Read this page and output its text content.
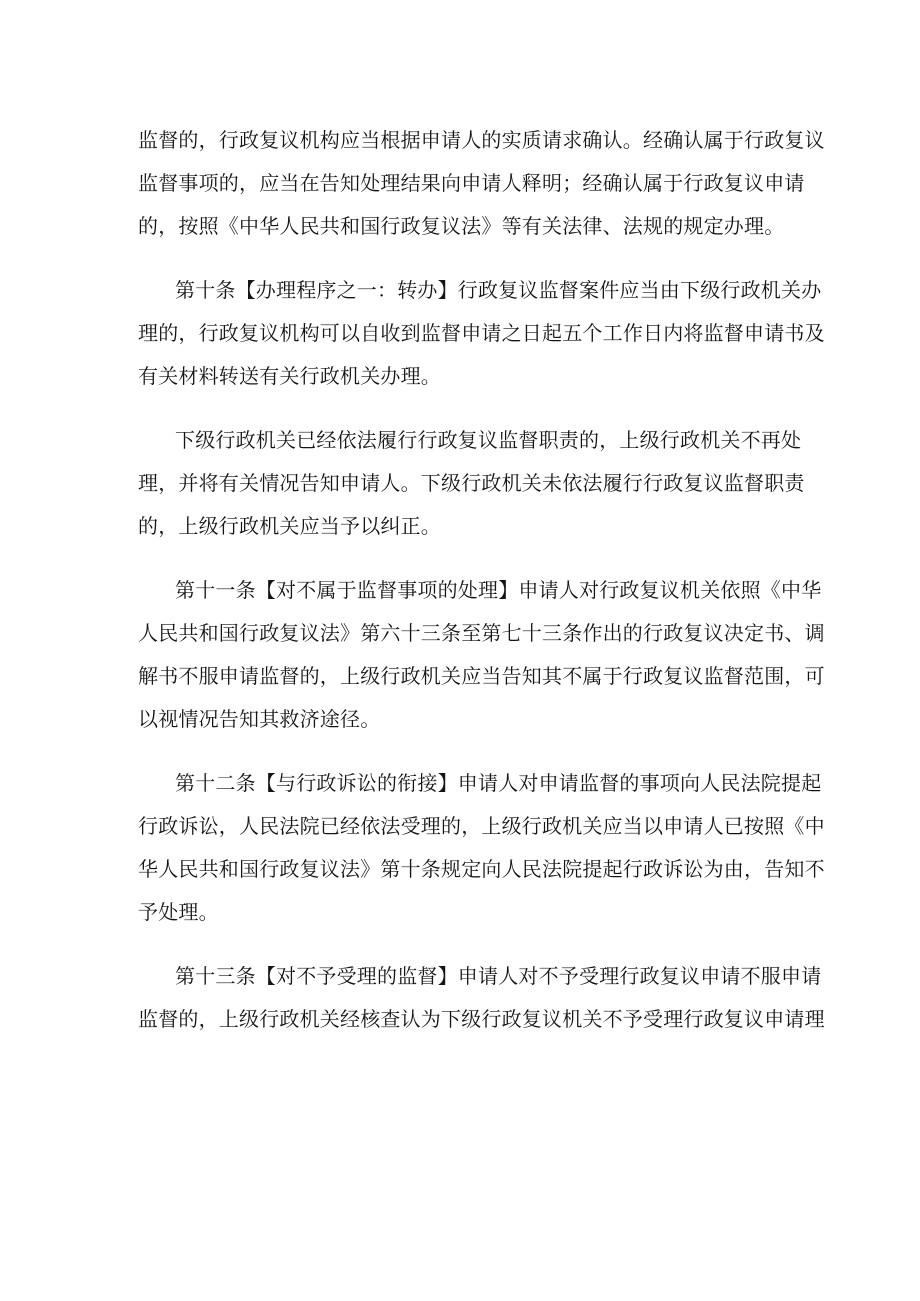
监督的，行政复议机构应当根据申请人的实质请求确认。经确认属于行政复议
监督事项的，应当在告知处理结果向申请人释明；经确认属于行政复议申请
的，按照《中华人民共和国行政复议法》等有关法律、法规的规定办理。
第十条【办理程序之一：转办】行政复议监督案件应当由下级行政机关办
理的，行政复议机构可以自收到监督申请之日起五个工作日内将监督申请书及
有关材料转送有关行政机关办理。
下级行政机关已经依法履行行政复议监督职责的，上级行政机关不再处
理，并将有关情况告知申请人。下级行政机关未依法履行行政复议监督职责
的，上级行政机关应当予以纠正。
第十一条【对不属于监督事项的处理】申请人对行政复议机关依照《中华
人民共和国行政复议法》第六十三条至第七十三条作出的行政复议决定书、调
解书不服申请监督的，上级行政机关应当告知其不属于行政复议监督范围，可
以视情况告知其救济途径。
第十二条【与行政诉讼的衔接】申请人对申请监督的事项向人民法院提起
行政诉讼，人民法院已经依法受理的，上级行政机关应当以申请人已按照《中
华人民共和国行政复议法》第十条规定向人民法院提起行政诉讼为由，告知不
予处理。
第十三条【对不予受理的监督】申请人对不予受理行政复议申请不服申请
监督的，上级行政机关经核查认为下级行政复议机关不予受理行政复议申请理
